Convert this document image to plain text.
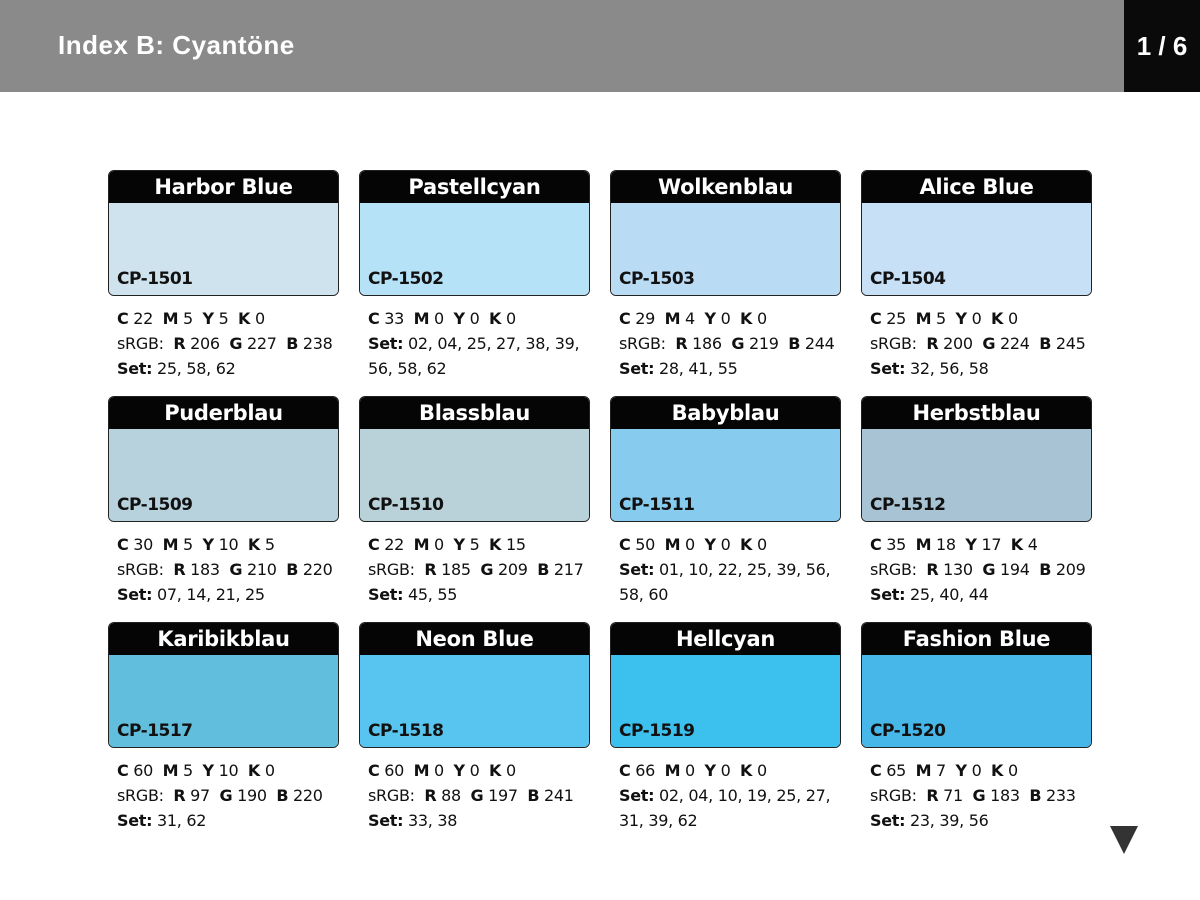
Index B: Cyantöne	1 / 6
Harbor Blue
CP-1501
C 22 M 5 Y 5 K 0
sRGB: R 206 G 227 B 238
Set: 25, 58, 62
Pastellcyan
CP-1502
C 33 M 0 Y 0 K 0
Set: 02, 04, 25, 27, 38, 39, 56, 58, 62
Wolkenblau
CP-1503
C 29 M 4 Y 0 K 0
sRGB: R 186 G 219 B 244
Set: 28, 41, 55
Alice Blue
CP-1504
C 25 M 5 Y 0 K 0
sRGB: R 200 G 224 B 245
Set: 32, 56, 58
Puderblau
CP-1509
C 30 M 5 Y 10 K 5
sRGB: R 183 G 210 B 220
Set: 07, 14, 21, 25
Blassblau
CP-1510
C 22 M 0 Y 5 K 15
sRGB: R 185 G 209 B 217
Set: 45, 55
Babyblau
CP-1511
C 50 M 0 Y 0 K 0
Set: 01, 10, 22, 25, 39, 56, 58, 60
Herbstblau
CP-1512
C 35 M 18 Y 17 K 4
sRGB: R 130 G 194 B 209
Set: 25, 40, 44
Karibikblau
CP-1517
C 60 M 5 Y 10 K 0
sRGB: R 97 G 190 B 220
Set: 31, 62
Neon Blue
CP-1518
C 60 M 0 Y 0 K 0
sRGB: R 88 G 197 B 241
Set: 33, 38
Hellcyan
CP-1519
C 66 M 0 Y 0 K 0
Set: 02, 04, 10, 19, 25, 27, 31, 39, 62
Fashion Blue
CP-1520
C 65 M 7 Y 0 K 0
sRGB: R 71 G 183 B 233
Set: 23, 39, 56
